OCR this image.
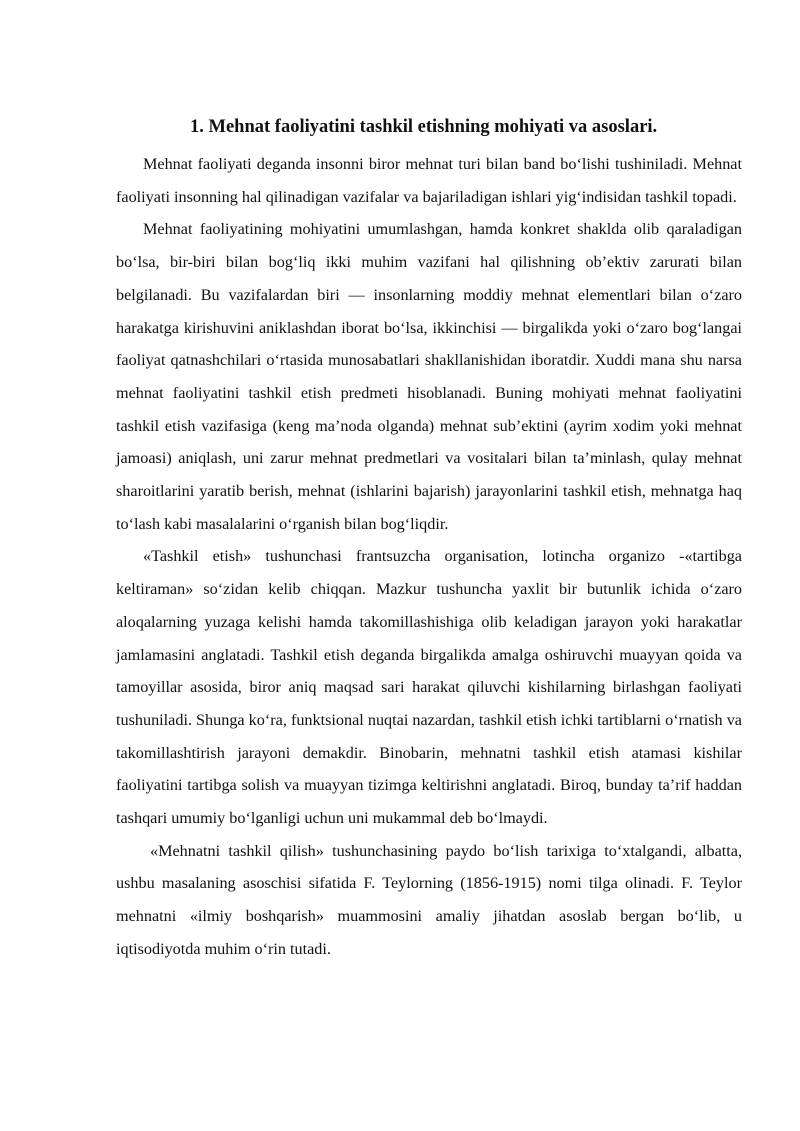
1. Mehnat faoliyatini tashkil etishning mohiyati va asoslari.

Mehnat faoliyati deganda insonni biror mehnat turi bilan band bo‘lishi tushiniladi. Mehnat faoliyati insonning hal qilinadigan vazifalar va bajariladigan ishlari yig‘indisidan tashkil topadi.

Mehnat faoliyatining mohiyatini umumlashgan, hamda konkret shaklda olib qaraladigan bo‘lsa, bir-biri bilan bog‘liq ikki muhim vazifani hal qilishning ob’ektiv zarurati bilan belgilanadi. Bu vazifalardan biri — insonlarning moddiy mehnat elementlari bilan o‘zaro harakatga kirishuvini aniklashdan iborat bo‘lsa, ikkinchisi — birgalikda yoki o‘zaro bog‘langai faoliyat qatnashchilari o‘rtasida munosabatlari shakllanishidan iboratdir. Xuddi mana shu narsa mehnat faoliyatini tashkil etish predmeti hisoblanadi. Buning mohiyati mehnat faoliyatini tashkil etish vazifasiga (keng ma’noda olganda) mehnat sub’ektini (ayrim xodim yoki mehnat jamoasi) aniqlash, uni zarur mehnat predmetlari va vositalari bilan ta’minlash, qulay mehnat sharoitlarini yaratib berish, mehnat (ishlarini bajarish) jarayonlarini tashkil etish, mehnatga haq to‘lash kabi masalalarini o‘rganish bilan bog‘liqdir.

«Tashkil etish» tushunchasi frantsuzcha organisation, lotincha organizo -«tartibga keltiraman» so‘zidan kelib chiqqan. Mazkur tushuncha yaxlit bir butunlik ichida o‘zaro aloqalarning yuzaga kelishi hamda takomillashishiga olib keladigan jarayon yoki harakatlar jamlamasini anglatadi. Tashkil etish deganda birgalikda amalga oshiruvchi muayyan qoida va tamoyillar asosida, biror aniq maqsad sari harakat qiluvchi kishilarning birlashgan faoliyati tushuniladi. Shunga ko‘ra, funktsional nuqtai nazardan, tashkil etish ichki tartiblarni o‘rnatish va takomillashtirish jarayoni demakdir. Binobarin, mehnatni tashkil etish atamasi kishilar faoliyatini tartibga solish va muayyan tizimga keltirishni anglatadi. Biroq, bunday ta’rif haddan tashqari umumiy bo‘lganligi uchun uni mukammal deb bo‘lmaydi.

«Mehnatni tashkil qilish» tushunchasining paydo bo‘lish tarixiga to‘xtalgandi, albatta, ushbu masalaning asoschisi sifatida F. Teylorning (1856-1915) nomi tilga olinadi. F. Teylor mehnatni «ilmiy boshqarish» muammosini amaliy jihatdan asoslab bergan bo‘lib, u iqtisodiyotda muhim o‘rin tutadi.
